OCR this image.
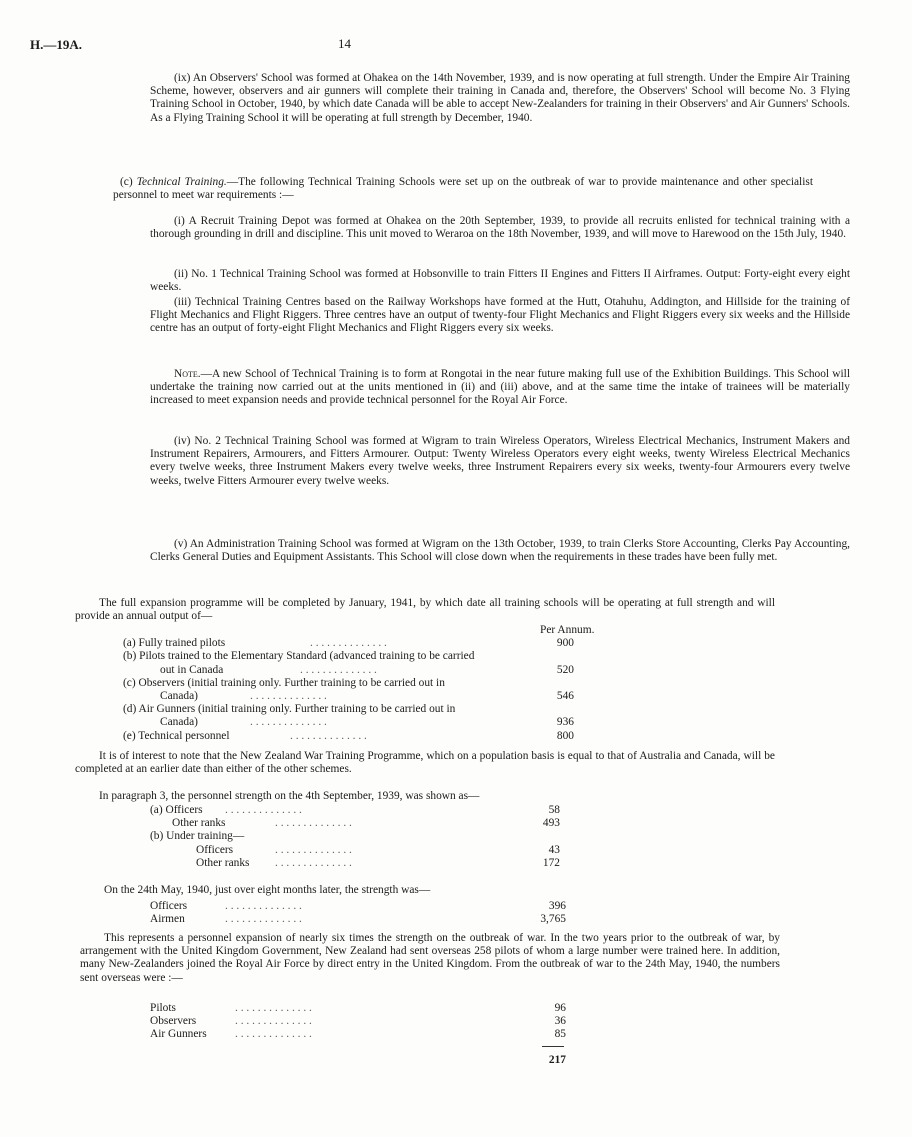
H.—19A.	14

(ix) An Observers' School was formed at Ohakea on the 14th November, 1939, and is now operating at full strength. Under the Empire Air Training Scheme, however, observers and air gunners will complete their training in Canada and, therefore, the Observers' School will become No. 3 Flying Training School in October, 1940, by which date Canada will be able to accept New-Zealanders for training in their Observers' and Air Gunners' Schools. As a Flying Training School it will be operating at full strength by December, 1940.

(c) Technical Training.—The following Technical Training Schools were set up on the outbreak of war to provide maintenance and other specialist personnel to meet war requirements :—

(i) A Recruit Training Depot was formed at Ohakea on the 20th September, 1939, to provide all recruits enlisted for technical training with a thorough grounding in drill and discipline. This unit moved to Weraroa on the 18th November, 1939, and will move to Harewood on the 15th July, 1940.

(ii) No. 1 Technical Training School was formed at Hobsonville to train Fitters II Engines and Fitters II Airframes. Output: Forty-eight every eight weeks.

(iii) Technical Training Centres based on the Railway Workshops have formed at the Hutt, Otahuhu, Addington, and Hillside for the training of Flight Mechanics and Flight Riggers. Three centres have an output of twenty-four Flight Mechanics and Flight Riggers every six weeks and the Hillside centre has an output of forty-eight Flight Mechanics and Flight Riggers every six weeks.

Note.—A new School of Technical Training is to form at Rongotai in the near future making full use of the Exhibition Buildings. This School will undertake the training now carried out at the units mentioned in (ii) and (iii) above, and at the same time the intake of trainees will be materially increased to meet expansion needs and provide technical personnel for the Royal Air Force.

(iv) No. 2 Technical Training School was formed at Wigram to train Wireless Operators, Wireless Electrical Mechanics, Instrument Makers and Instrument Repairers, Armourers, and Fitters Armourer. Output: Twenty Wireless Operators every eight weeks, twenty Wireless Electrical Mechanics every twelve weeks, three Instrument Makers every twelve weeks, three Instrument Repairers every six weeks, twenty-four Armourers every twelve weeks, twelve Fitters Armourer every twelve weeks.

(v) An Administration Training School was formed at Wigram on the 13th October, 1939, to train Clerks Store Accounting, Clerks Pay Accounting, Clerks General Duties and Equipment Assistants. This School will close down when the requirements in these trades have been fully met.

The full expansion programme will be completed by January, 1941, by which date all training schools will be operating at full strength and will provide an annual output of—

Per Annum.
(a) Fully trained pilots	. . . . . . . . . . . . . .	900
(b) Pilots trained to the Elementary Standard (advanced training to be carried
out in Canada	. . . . . . . . . . . . . .	520
(c) Observers (initial training only. Further training to be carried out in
Canada)	. . . . . . . . . . . . . .	546
(d) Air Gunners (initial training only. Further training to be carried out in
Canada)	. . . . . . . . . . . . . .	936
(e) Technical personnel	. . . . . . . . . . . . . .	800

It is of interest to note that the New Zealand War Training Programme, which on a population basis is equal to that of Australia and Canada, will be completed at an earlier date than either of the other schemes.

In paragraph 3, the personnel strength on the 4th September, 1939, was shown as—

(a) Officers . . . . . . . . . . . . . .	58
Other ranks	. . . . . . . . . . . . . .	493
(b) Under training—
Officers	. . . . . . . . . . . . . .	43
Other ranks . . . . . . . . . . . . . .	172

On the 24th May, 1940, just over eight months later, the strength was—

Officers	. . . . . . . . . . . . . .	396
Airmen	. . . . . . . . . . . . . .	3,765

This represents a personnel expansion of nearly six times the strength on the outbreak of war. In the two years prior to the outbreak of war, by arrangement with the United Kingdom Government, New Zealand had sent overseas 258 pilots of whom a large number were trained here. In addition, many New-Zealanders joined the Royal Air Force by direct entry in the United Kingdom. From the outbreak of war to the 24th May, 1940, the numbers sent overseas were :—

Pilots	. . . . . . . . . . . . . .	96
Observers	. . . . . . . . . . . . . .	36
Air Gunners . . . . . . . . . . . . . .	85
217
